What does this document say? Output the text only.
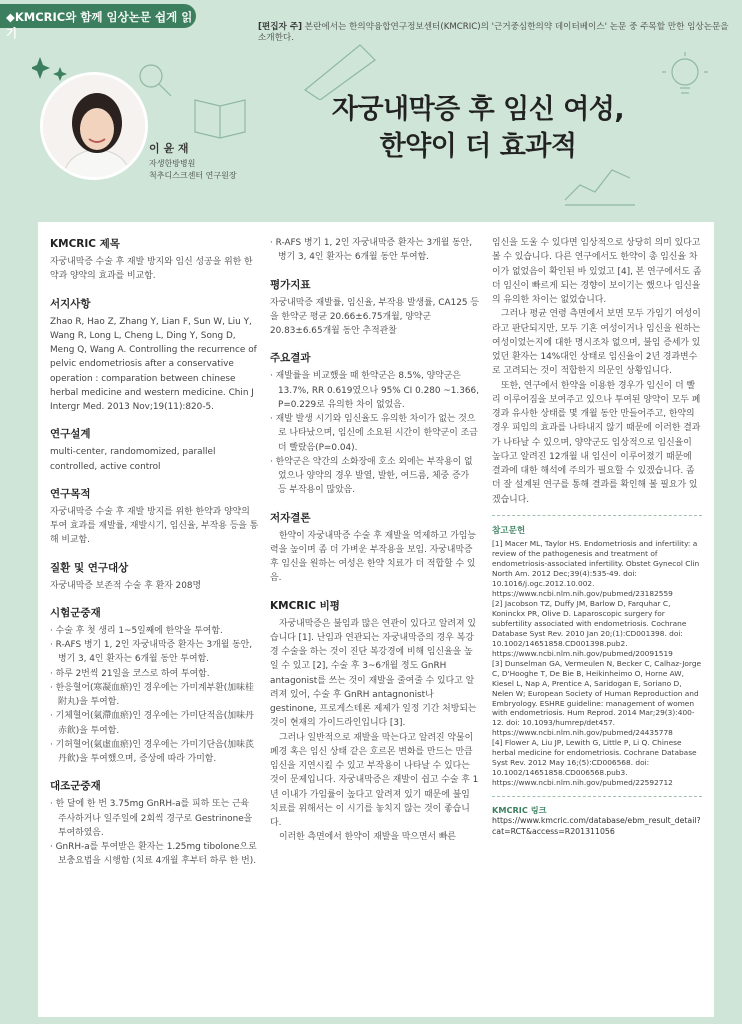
◆KMCRIC와 함께 임상논문 쉽게 읽기	[편집자 주] 본란에서는 한의약융합연구정보센터(KMCRIC)의 '근거중심한의약 데이터베이스' 논문 중 주목할 만한 임상논문을 소개한다.
이 윤 재
자생한방병원
척추디스크센터 연구원장
자궁내막증 후 임신 여성,
한약이 더 효과적
KMCRIC 제목

자궁내막증 수술 후 재발 방지와 임신 성공을 위한 한약과 양약의 효과를 비교함.

서지사항

Zhao R, Hao Z, Zhang Y, Lian F, Sun W, Liu Y, Wang R, Long L, Cheng L, Ding Y, Song D, Meng Q, Wang A. Controlling the recurrence of pelvic endometriosis after a conservative operation : comparation between chinese herbal medicine and western medicine. Chin J Intergr Med. 2013 Nov;19(11):820-5.

연구설계

multi-center, randomomized, parallel controlled, active control

연구목적

자궁내막증 수술 후 재발 방지를 위한 한약과 양약의 투여 효과를 재발률, 재발시기, 임신율, 부작용 등을 통해 비교함.

질환 및 연구대상

자궁내막증 보존적 수술 후 환자 208명

시험군중재
· 수술 후 첫 생리 1~5일째에 한약을 투여함.
· R-AFS 병기 1, 2인 자궁내막증 환자는 3개월 동안, 병기 3, 4인 환자는 6개월 동안 투여함.
· 하루 2번씩 21일을 코스로 하여 투여함.
· 한응혈어(寒凝血瘀)인 경우에는 가미계부환(加味桂附丸)을 투여함.
· 기체혈어(氣滯血瘀)인 경우에는 가미단적음(加味丹赤飮)을 투여함.
· 기허혈어(氣虛血瘀)인 경우에는 가미기단음(加味芪丹飮)을 투여했으며, 증상에 따라 가미함.
대조군중재
· 한 달에 한 번 3.75mg GnRH-a를 피하 또는 근육 주사하거나 일주일에 2회씩 경구로 Gestrinone을 투여하였음.
· GnRH-a를 투여받은 환자는 1.25mg tibolone으로 보충요법을 시행함 (치료 4개월 후부터 하루 한 번).
· R-AFS 병기 1, 2인 자궁내막증 환자는 3개월 동안, 병기 3, 4인 환자는 6개월 동안 투여함.
평가지표

자궁내막증 재발률, 임신율, 부작용 발생률, CA125 등을 한약군 평균 20.66±6.75개월, 양약군 20.83±6.65개월 동안 추적관찰

주요결과
· 재발률을 비교했을 때 한약군은 8.5%, 양약군은 13.7%, RR 0.619였으나 95% CI 0.280 ~1.366, P=0.229로 유의한 차이 없었음.
· 재발 발생 시기와 임신율도 유의한 차이가 없는 것으로 나타났으며, 임신에 소요된 시간이 한약군이 조금 더 빨랐음(P=0.04).
· 한약군은 약간의 소화장애 호소 외에는 부작용이 없었으나 양약의 경우 발열, 발한, 여드름, 체중 증가 등 부작용이 많았음.
저자결론

한약이 자궁내막증 수술 후 재발을 억제하고 가임능력을 높이며 좀 더 가벼운 부작용을 보임. 자궁내막증 후 임신을 원하는 여성은 한약 치료가 더 적합할 수 있음.

KMCRIC 비평

자궁내막증은 불임과 많은 연관이 있다고 알려져 있습니다 [1]. 난임과 연관되는 자궁내막증의 경우 복강경 수술을 하는 것이 진단 복강경에 비해 임신율을 높일 수 있고 [2], 수술 후 3~6개월 정도 GnRH antagonist를 쓰는 것이 재발을 줄여줄 수 있다고 알려져 있어, 수술 후 GnRH antagnonist나 gestinone, 프로게스테론 제제가 일정 기간 처방되는 것이 현재의 가이드라인입니다 [3].

그러나 일반적으로 재발을 막는다고 알려진 약물이 폐경 혹은 임신 상태 같은 호르몬 변화를 만드는 만큼 임신을 지연시킬 수 있고 부작용이 나타날 수 있다는 것이 문제입니다. 자궁내막증은 재발이 쉽고 수술 후 1년 이내가 가임률이 높다고 알려져 있기 때문에 불임 치료를 위해서는 이 시기를 놓치지 않는 것이 좋습니다.

이러한 측면에서 한약이 재발을 막으면서 빠른

임신을 도울 수 있다면 임상적으로 상당히 의미 있다고 볼 수 있습니다. 다른 연구에서도 한약이 총 임신율 차이가 없었음이 확인된 바 있었고 [4], 본 연구에서도 좀 더 임신이 빠르게 되는 경향이 보이기는 했으나 임신율의 유의한 차이는 없었습니다.

그러나 평균 연령 측면에서 보면 모두 가임기 여성이라고 판단되지만, 모두 기혼 여성이거나 임신을 원하는 여성이었는지에 대한 명시조차 없으며, 불임 증세가 있었던 환자는 14%대인 상태로 임신율이 2년 경과변수로 고려되는 것이 적합한지 의문인 상황입니다.

또한, 연구에서 한약을 이용한 경우가 임신이 더 빨리 이루어짐을 보여주고 있으나 투여된 양약이 모두 폐경과 유사한 상태를 몇 개월 동안 만들어주고, 한약의 경우 피임의 효과를 나타내지 않기 때문에 이러한 결과가 나타날 수 있으며, 양약군도 임상적으로 임신율이 높다고 알려진 12개월 내 임신이 이루어졌기 때문에 결과에 대한 해석에 주의가 필요할 수 있겠습니다. 좀 더 잘 설계된 연구를 통해 결과를 확인해 볼 필요가 있겠습니다.

참고문헌

[1] Macer ML, Taylor HS. Endometriosis and infertility: a review of the pathogenesis and treatment of endometriosis-associated infertility. Obstet Gynecol Clin North Am. 2012 Dec;39(4):535-49. doi: 10.1016/j.ogc.2012.10.002. https://www.ncbi.nlm.nih.gov/pubmed/23182559

[2] Jacobson TZ, Duffy JM, Barlow D, Farquhar C, Koninckx PR, Olive D. Laparoscopic surgery for subfertility associated with endometriosis. Cochrane Database Syst Rev. 2010 Jan 20;(1):CD001398. doi: 10.1002/14651858.CD001398.pub2. https://www.ncbi.nlm.nih.gov/pubmed/20091519

[3] Dunselman GA, Vermeulen N, Becker C, Calhaz-Jorge C, D'Hooghe T, De Bie B, Heikinheimo O, Horne AW, Kiesel L, Nap A, Prentice A, Saridogan E, Soriano D, Nelen W; European Society of Human Reproduction and Embryology. ESHRE guideline: management of women with endometriosis. Hum Reprod. 2014 Mar;29(3):400-12. doi: 10.1093/humrep/det457. https://www.ncbi.nlm.nih.gov/pubmed/24435778

[4] Flower A, Liu JP, Lewith G, Little P, Li Q. Chinese herbal medicine for endometriosis. Cochrane Database Syst Rev. 2012 May 16;(5):CD006568. doi: 10.1002/14651858.CD006568.pub3. https://www.ncbi.nlm.nih.gov/pubmed/22592712

KMCRIC 링크
https://www.kmcric.com/database/ebm_result_detail?cat=RCT&access=R201311056
